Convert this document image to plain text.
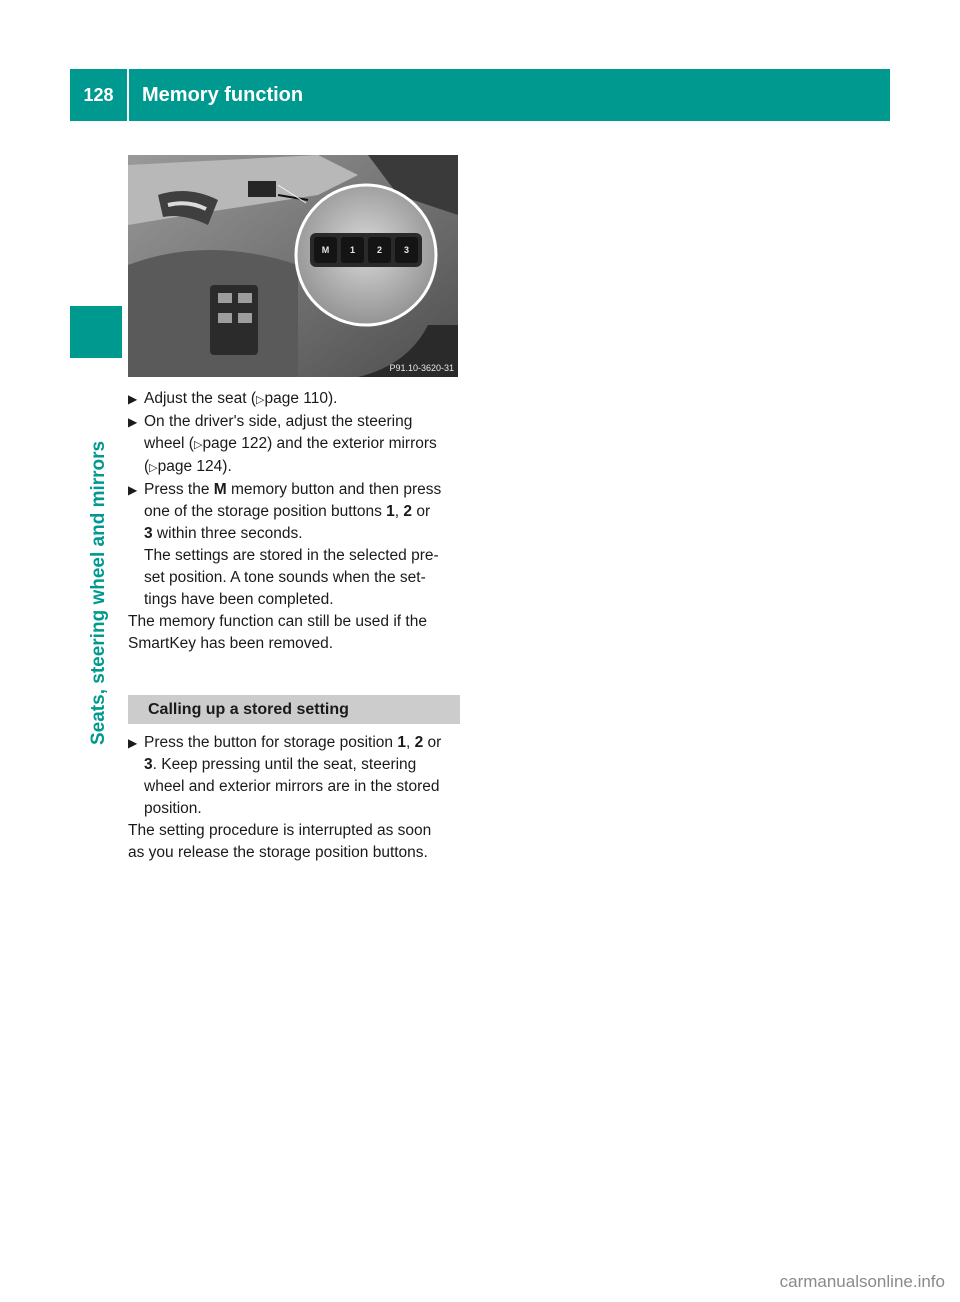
128	Memory function
Seats, steering wheel and mirrors
M	1	2	3
P91.10-3620-31
▶ Adjust the seat (▷page 110).
▶ On the driver's side, adjust the steering
wheel (▷page 122) and the exterior mirrors
(▷page 124).
▶ Press the M memory button and then press
one of the storage position buttons 1, 2 or
3 within three seconds.
The settings are stored in the selected pre-
set position. A tone sounds when the set-
tings have been completed.
The memory function can still be used if the
SmartKey has been removed.
Calling up a stored setting
▶ Press the button for storage position 1, 2 or
3. Keep pressing until the seat, steering
wheel and exterior mirrors are in the stored
position.
The setting procedure is interrupted as soon
as you release the storage position buttons.
carmanualsonline.info
